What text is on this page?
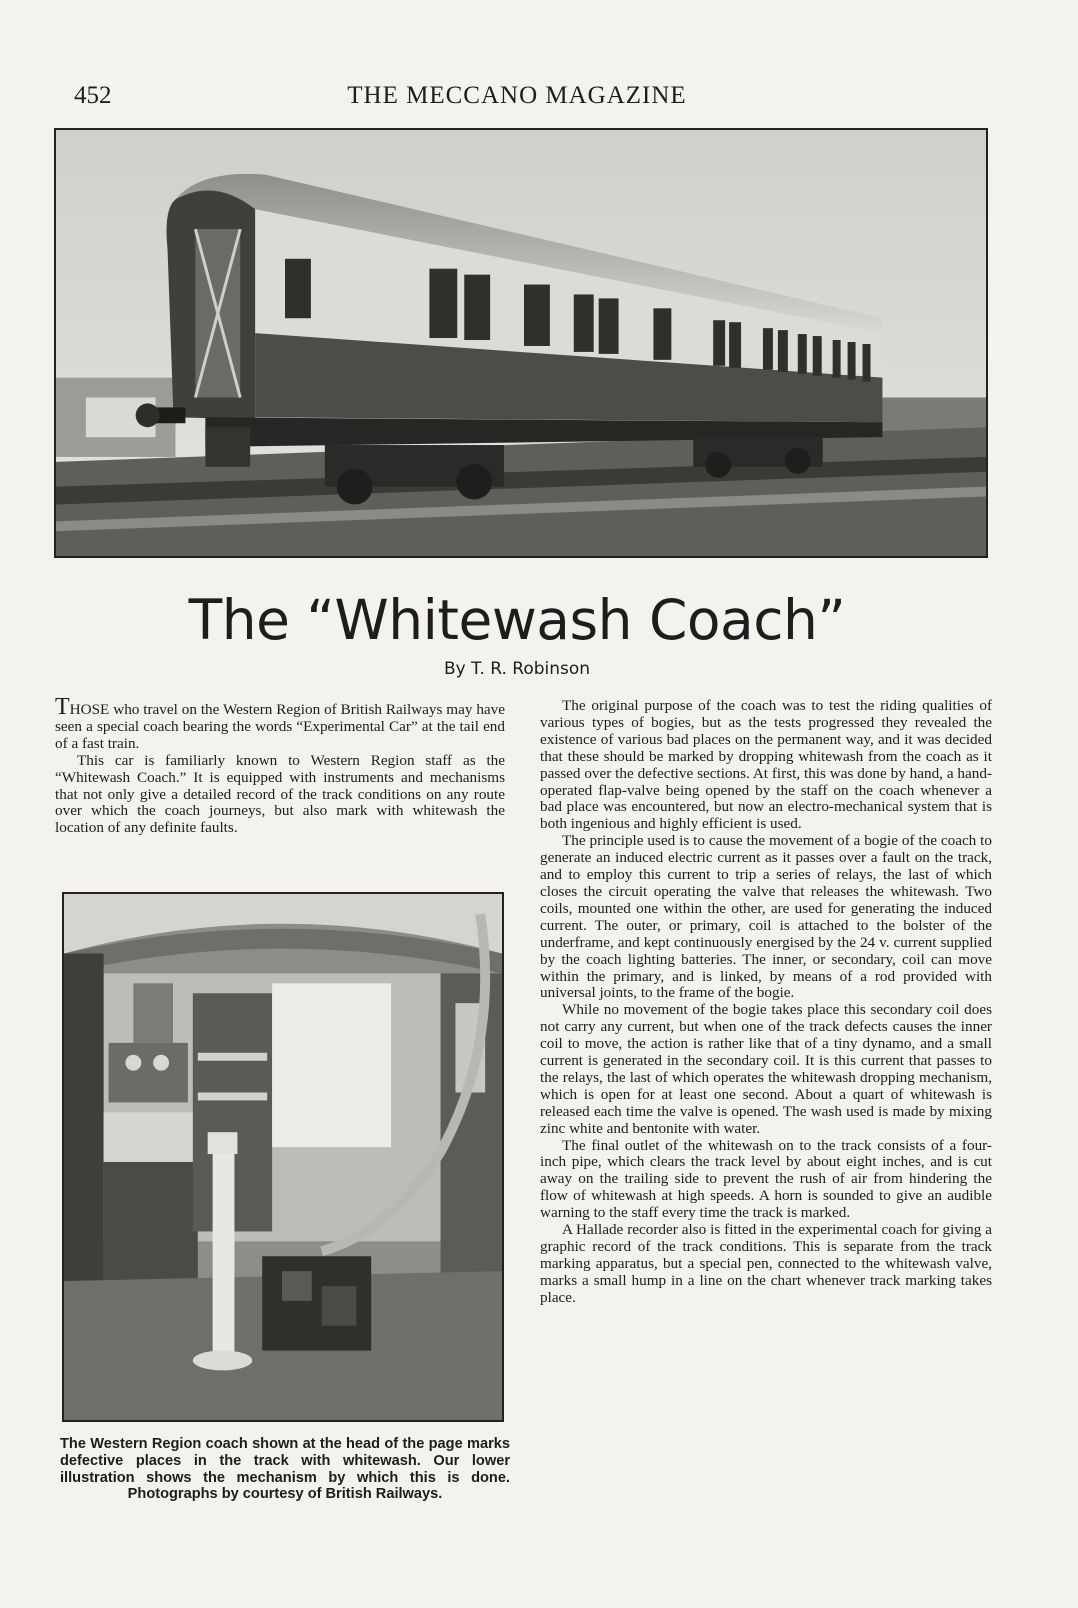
452	THE MECCANO MAGAZINE
The “Whitewash Coach”
By T. R. Robinson

THOSE who travel on the Western Region of British Railways may have seen a special coach bearing the words “Experimental Car” at the tail end of a fast train.

This car is familiarly known to Western Region staff as the “Whitewash Coach.” It is equipped with instruments and mechanisms that not only give a detailed record of the track conditions on any route over which the coach journeys, but also mark with whitewash the location of any definite faults.

The Western Region coach shown at the head of the page marks defective places in the track with whitewash. Our lower illustration shows the mechanism by which this is done. Photographs by courtesy of British Railways.

The original purpose of the coach was to test the riding qualities of various types of bogies, but as the tests progressed they revealed the existence of various bad places on the permanent way, and it was decided that these should be marked by dropping whitewash from the coach as it passed over the defective sections. At first, this was done by hand, a hand-operated flap-valve being opened by the staff on the coach whenever a bad place was encountered, but now an electro-mechanical system that is both ingenious and highly efficient is used.

The principle used is to cause the movement of a bogie of the coach to generate an induced electric current as it passes over a fault on the track, and to employ this current to trip a series of relays, the last of which closes the circuit operating the valve that releases the whitewash. Two coils, mounted one within the other, are used for generating the induced current. The outer, or primary, coil is attached to the bolster of the underframe, and kept continuously energised by the 24 v. current supplied by the coach lighting batteries. The inner, or secondary, coil can move within the primary, and is linked, by means of a rod provided with universal joints, to the frame of the bogie.

While no movement of the bogie takes place this secondary coil does not carry any current, but when one of the track defects causes the inner coil to move, the action is rather like that of a tiny dynamo, and a small current is generated in the secondary coil. It is this current that passes to the relays, the last of which operates the whitewash dropping mechanism, which is open for at least one second. About a quart of whitewash is released each time the valve is opened. The wash used is made by mixing zinc white and bentonite with water.

The final outlet of the whitewash on to the track consists of a four-inch pipe, which clears the track level by about eight inches, and is cut away on the trailing side to prevent the rush of air from hindering the flow of whitewash at high speeds. A horn is sounded to give an audible warning to the staff every time the track is marked.

A Hallade recorder also is fitted in the experimental coach for giving a graphic record of the track conditions. This is separate from the track marking apparatus, but a special pen, connected to the whitewash valve, marks a small hump in a line on the chart whenever track marking takes place.
